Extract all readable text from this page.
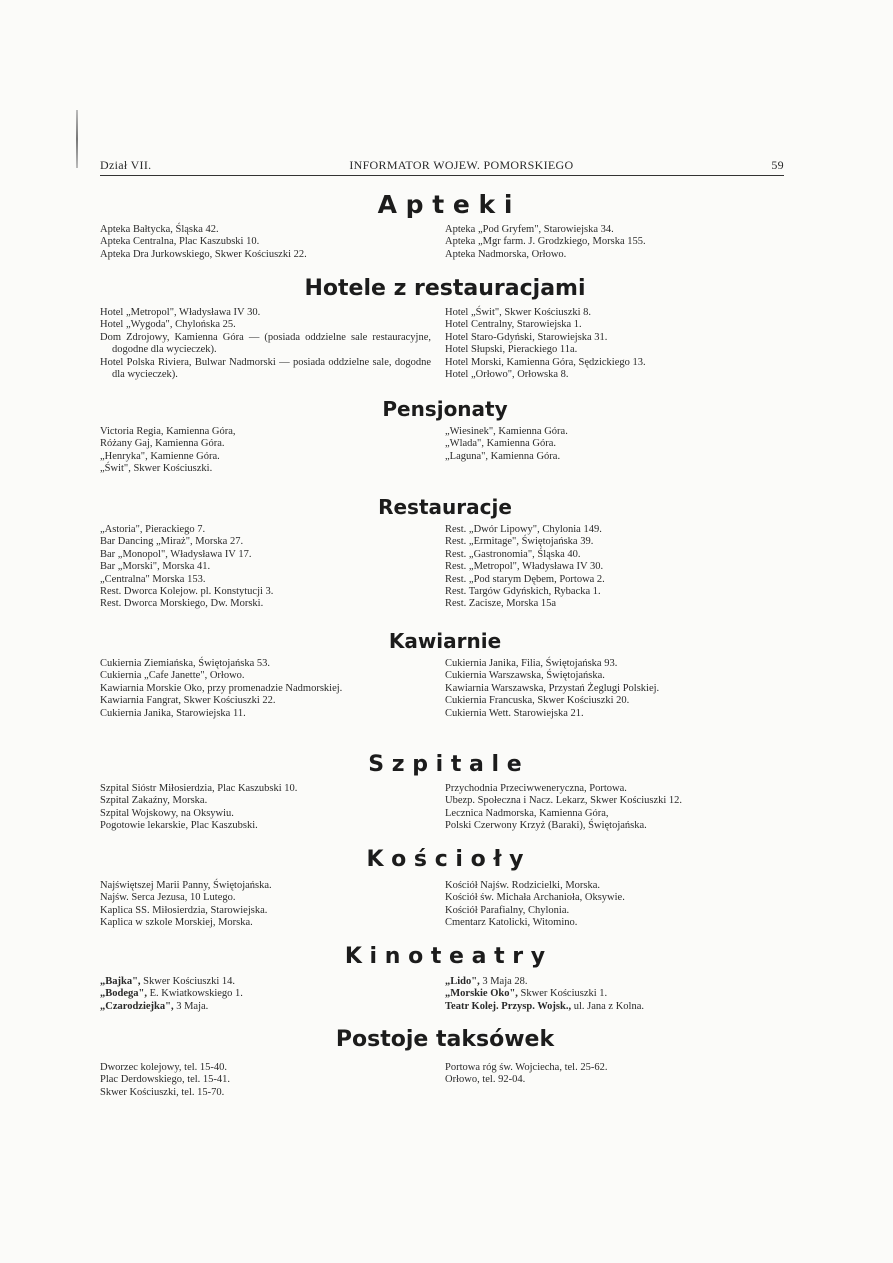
Dział VII.	INFORMATOR WOJEW. POMORSKIEGO	59
A p t e k i

Apteka Bałtycka, Śląska 42.

Apteka Centralna, Plac Kaszubski 10.

Apteka Dra Jurkowskiego, Skwer Kościuszki 22.

Apteka „Pod Gryfem", Starowiejska 34.

Apteka „Mgr farm. J. Grodzkiego, Morska 155.

Apteka Nadmorska, Orłowo.

Hotele z restauracjami

Hotel „Metropol", Władysława IV 30.

Hotel „Wygoda", Chylońska 25.

Dom Zdrojowy, Kamienna Góra — (posiada oddzielne sale restauracyjne, dogodne dla wycieczek).

Hotel Polska Riviera, Bulwar Nadmorski — posiada oddzielne sale, dogodne dla wycieczek).

Hotel „Świt", Skwer Kościuszki 8.

Hotel Centralny, Starowiejska 1.

Hotel Staro-Gdyński, Starowiejska 31.

Hotel Słupski, Pierackiego 11a.

Hotel Morski, Kamienna Góra, Sędzickiego 13.

Hotel „Orłowo", Orłowska 8.

Pensjonaty

Victoria Regia, Kamienna Góra,

Różany Gaj, Kamienna Góra.

„Henryka", Kamienne Góra.

„Świt", Skwer Kościuszki.

„Wiesinek", Kamienna Góra.

„Wlada", Kamienna Góra.

„Laguna", Kamienna Góra.

Restauracje

„Astoria", Pierackiego 7.

Bar Dancing „Miraż", Morska 27.

Bar „Monopol", Władysława IV 17.

Bar „Morski", Morska 41.

„Centralna" Morska 153.

Rest. Dworca Kolejow. pl. Konstytucji 3.

Rest. Dworca Morskiego, Dw. Morski.

Rest. „Dwór Lipowy", Chylonia 149.

Rest. „Ermitage", Świętojańska 39.

Rest. „Gastronomia", Śląska 40.

Rest. „Metropol", Władysława IV 30.

Rest. „Pod starym Dębem, Portowa 2.

Rest. Targów Gdyńskich, Rybacka 1.

Rest. Zacisze, Morska 15a

Kawiarnie

Cukiernia Ziemiańska, Świętojańska 53.

Cukiernia „Cafe Janette", Orłowo.

Kawiarnia Morskie Oko, przy promenadzie Nadmorskiej.

Kawiarnia Fangrat, Skwer Kościuszki 22.

Cukiernia Janika, Starowiejska 11.

Cukiernia Janika, Filia, Świętojańska 93.

Cukiernia Warszawska, Świętojańska.

Kawiarnia Warszawska, Przystań Żeglugi Polskiej.

Cukiernia Francuska, Skwer Kościuszki 20.

Cukiernia Wett. Starowiejska 21.

S z p i t a l e

Szpital Sióstr Miłosierdzia, Plac Kaszubski 10.

Szpital Zakaźny, Morska.

Szpital Wojskowy, na Oksywiu.

Pogotowie lekarskie, Plac Kaszubski.

Przychodnia Przeciwweneryczna, Portowa.

Ubezp. Społeczna i Nacz. Lekarz, Skwer Kościuszki 12.

Lecznica Nadmorska, Kamienna Góra,

Polski Czerwony Krzyż (Baraki), Świętojańska.

K o ś c i o ł y

Najświętszej Marii Panny, Świętojańska.

Najśw. Serca Jezusa, 10 Lutego.

Kaplica SS. Miłosierdzia, Starowiejska.

Kaplica w szkole Morskiej, Morska.

Kościół Najśw. Rodzicielki, Morska.

Kościół św. Michała Archanioła, Oksywie.

Kościół Parafialny, Chylonia.

Cmentarz Katolicki, Witomino.

K i n o t e a t r y

„Bajka", Skwer Kościuszki 14.

„Bodega", E. Kwiatkowskiego 1.

„Czarodziejka", 3 Maja.

„Lido", 3 Maja 28.

„Morskie Oko", Skwer Kościuszki 1.

Teatr Kolej. Przysp. Wojsk., ul. Jana z Kolna.

Postoje taksówek

Dworzec kolejowy, tel. 15-40.

Plac Derdowskiego, tel. 15-41.

Skwer Kościuszki, tel. 15-70.

Portowa róg św. Wojciecha, tel. 25-62.

Orłowo, tel. 92-04.
